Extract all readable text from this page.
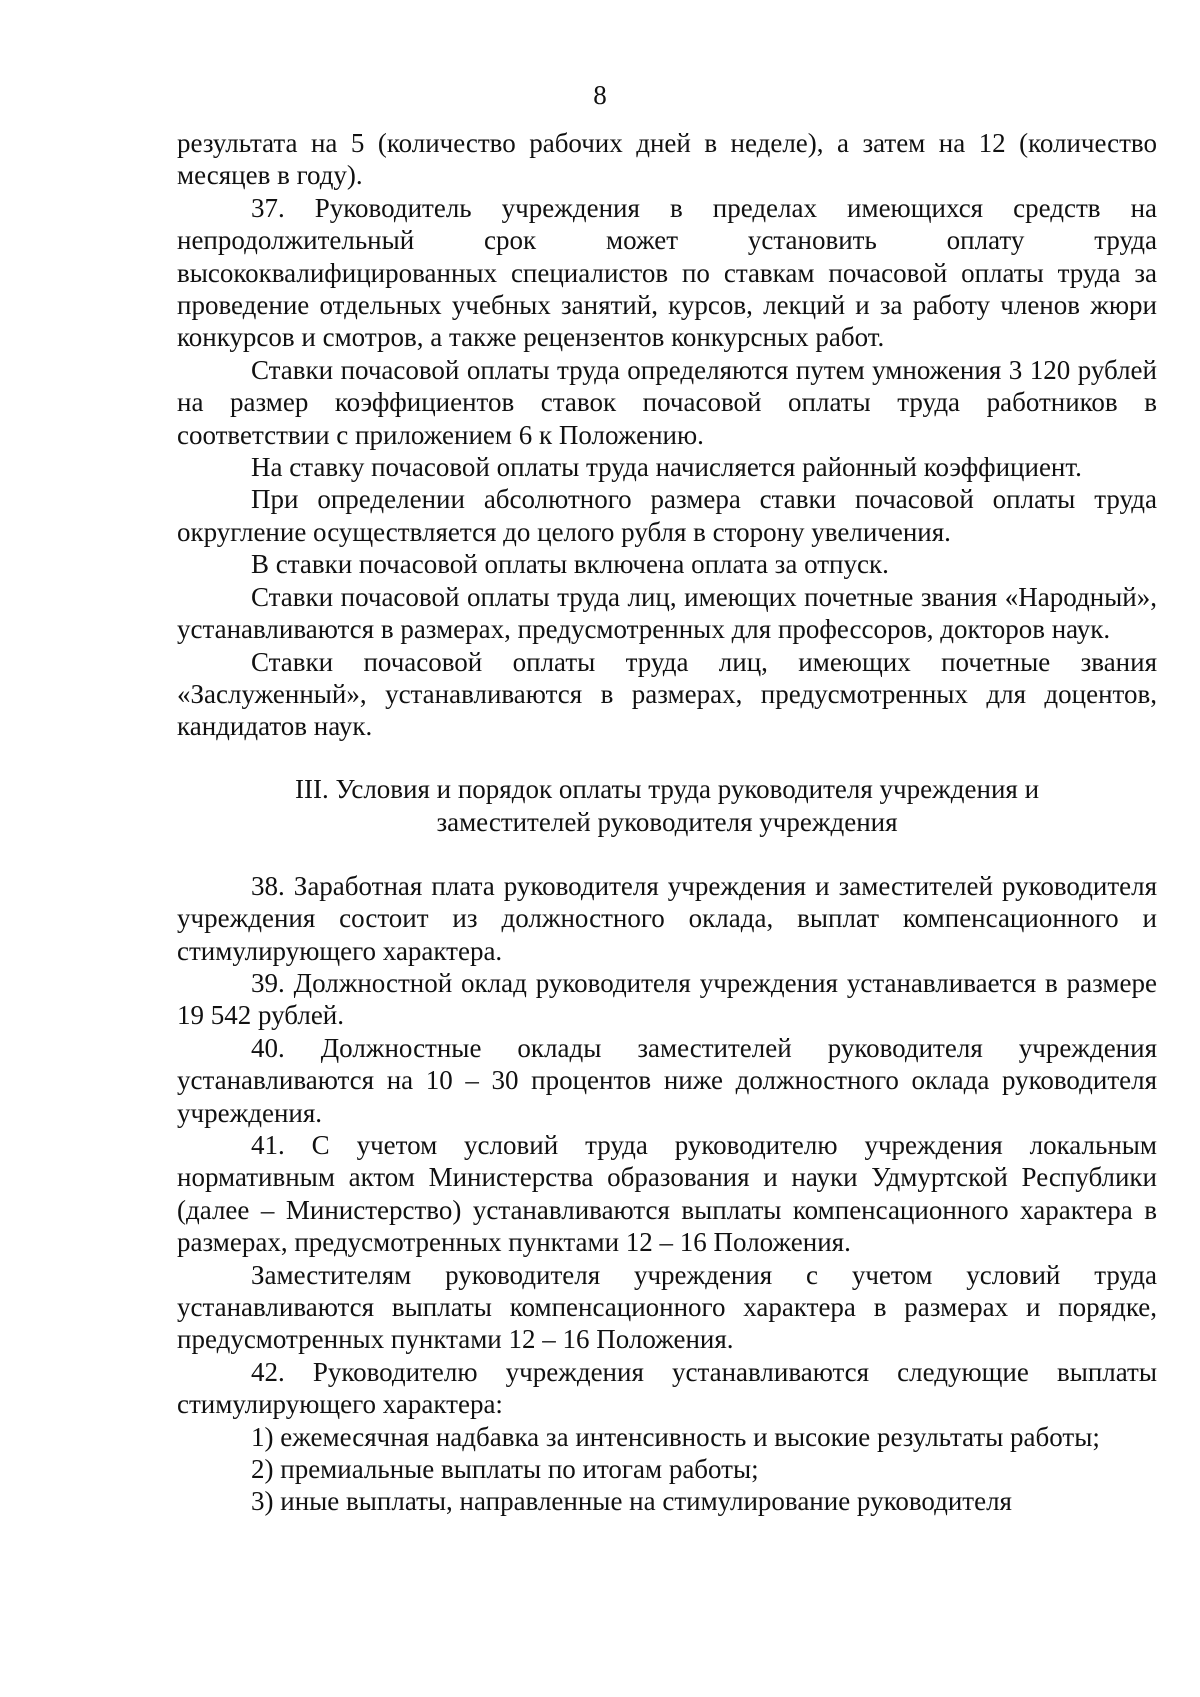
8

результата на 5 (количество рабочих дней в неделе), а затем на 12 (количество месяцев в году).

37. Руководитель учреждения в пределах имеющихся средств на непродолжительный срок может установить оплату труда высококвалифицированных специалистов по ставкам почасовой оплаты труда за проведение отдельных учебных занятий, курсов, лекций и за работу членов жюри конкурсов и смотров, а также рецензентов конкурсных работ.

Ставки почасовой оплаты труда определяются путем умножения 3 120 рублей на размер коэффициентов ставок почасовой оплаты труда работников в соответствии с приложением 6 к Положению.

На ставку почасовой оплаты труда начисляется районный коэффициент.

При определении абсолютного размера ставки почасовой оплаты труда округление осуществляется до целого рубля в сторону увеличения.

В ставки почасовой оплаты включена оплата за отпуск.

Ставки почасовой оплаты труда лиц, имеющих почетные звания «Народный», устанавливаются в размерах, предусмотренных для профессоров, докторов наук.

Ставки почасовой оплаты труда лиц, имеющих почетные звания «Заслуженный», устанавливаются в размерах, предусмотренных для доцентов, кандидатов наук.

III. Условия и порядок оплаты труда руководителя учреждения и
заместителей руководителя учреждения

38. Заработная плата руководителя учреждения и заместителей руководителя учреждения состоит из должностного оклада, выплат компенсационного и стимулирующего характера.

39. Должностной оклад руководителя учреждения устанавливается в размере 19 542 рублей.

40. Должностные оклады заместителей руководителя учреждения устанавливаются на 10 – 30 процентов ниже должностного оклада руководителя учреждения.

41. С учетом условий труда руководителю учреждения локальным нормативным актом Министерства образования и науки Удмуртской Республики (далее – Министерство) устанавливаются выплаты компенсационного характера в размерах, предусмотренных пунктами 12 – 16 Положения.

Заместителям руководителя учреждения с учетом условий труда устанавливаются выплаты компенсационного характера в размерах и порядке, предусмотренных пунктами 12 – 16 Положения.

42. Руководителю учреждения устанавливаются следующие выплаты стимулирующего характера:

1) ежемесячная надбавка за интенсивность и высокие результаты работы;

2) премиальные выплаты по итогам работы;

3) иные выплаты, направленные на стимулирование руководителя
